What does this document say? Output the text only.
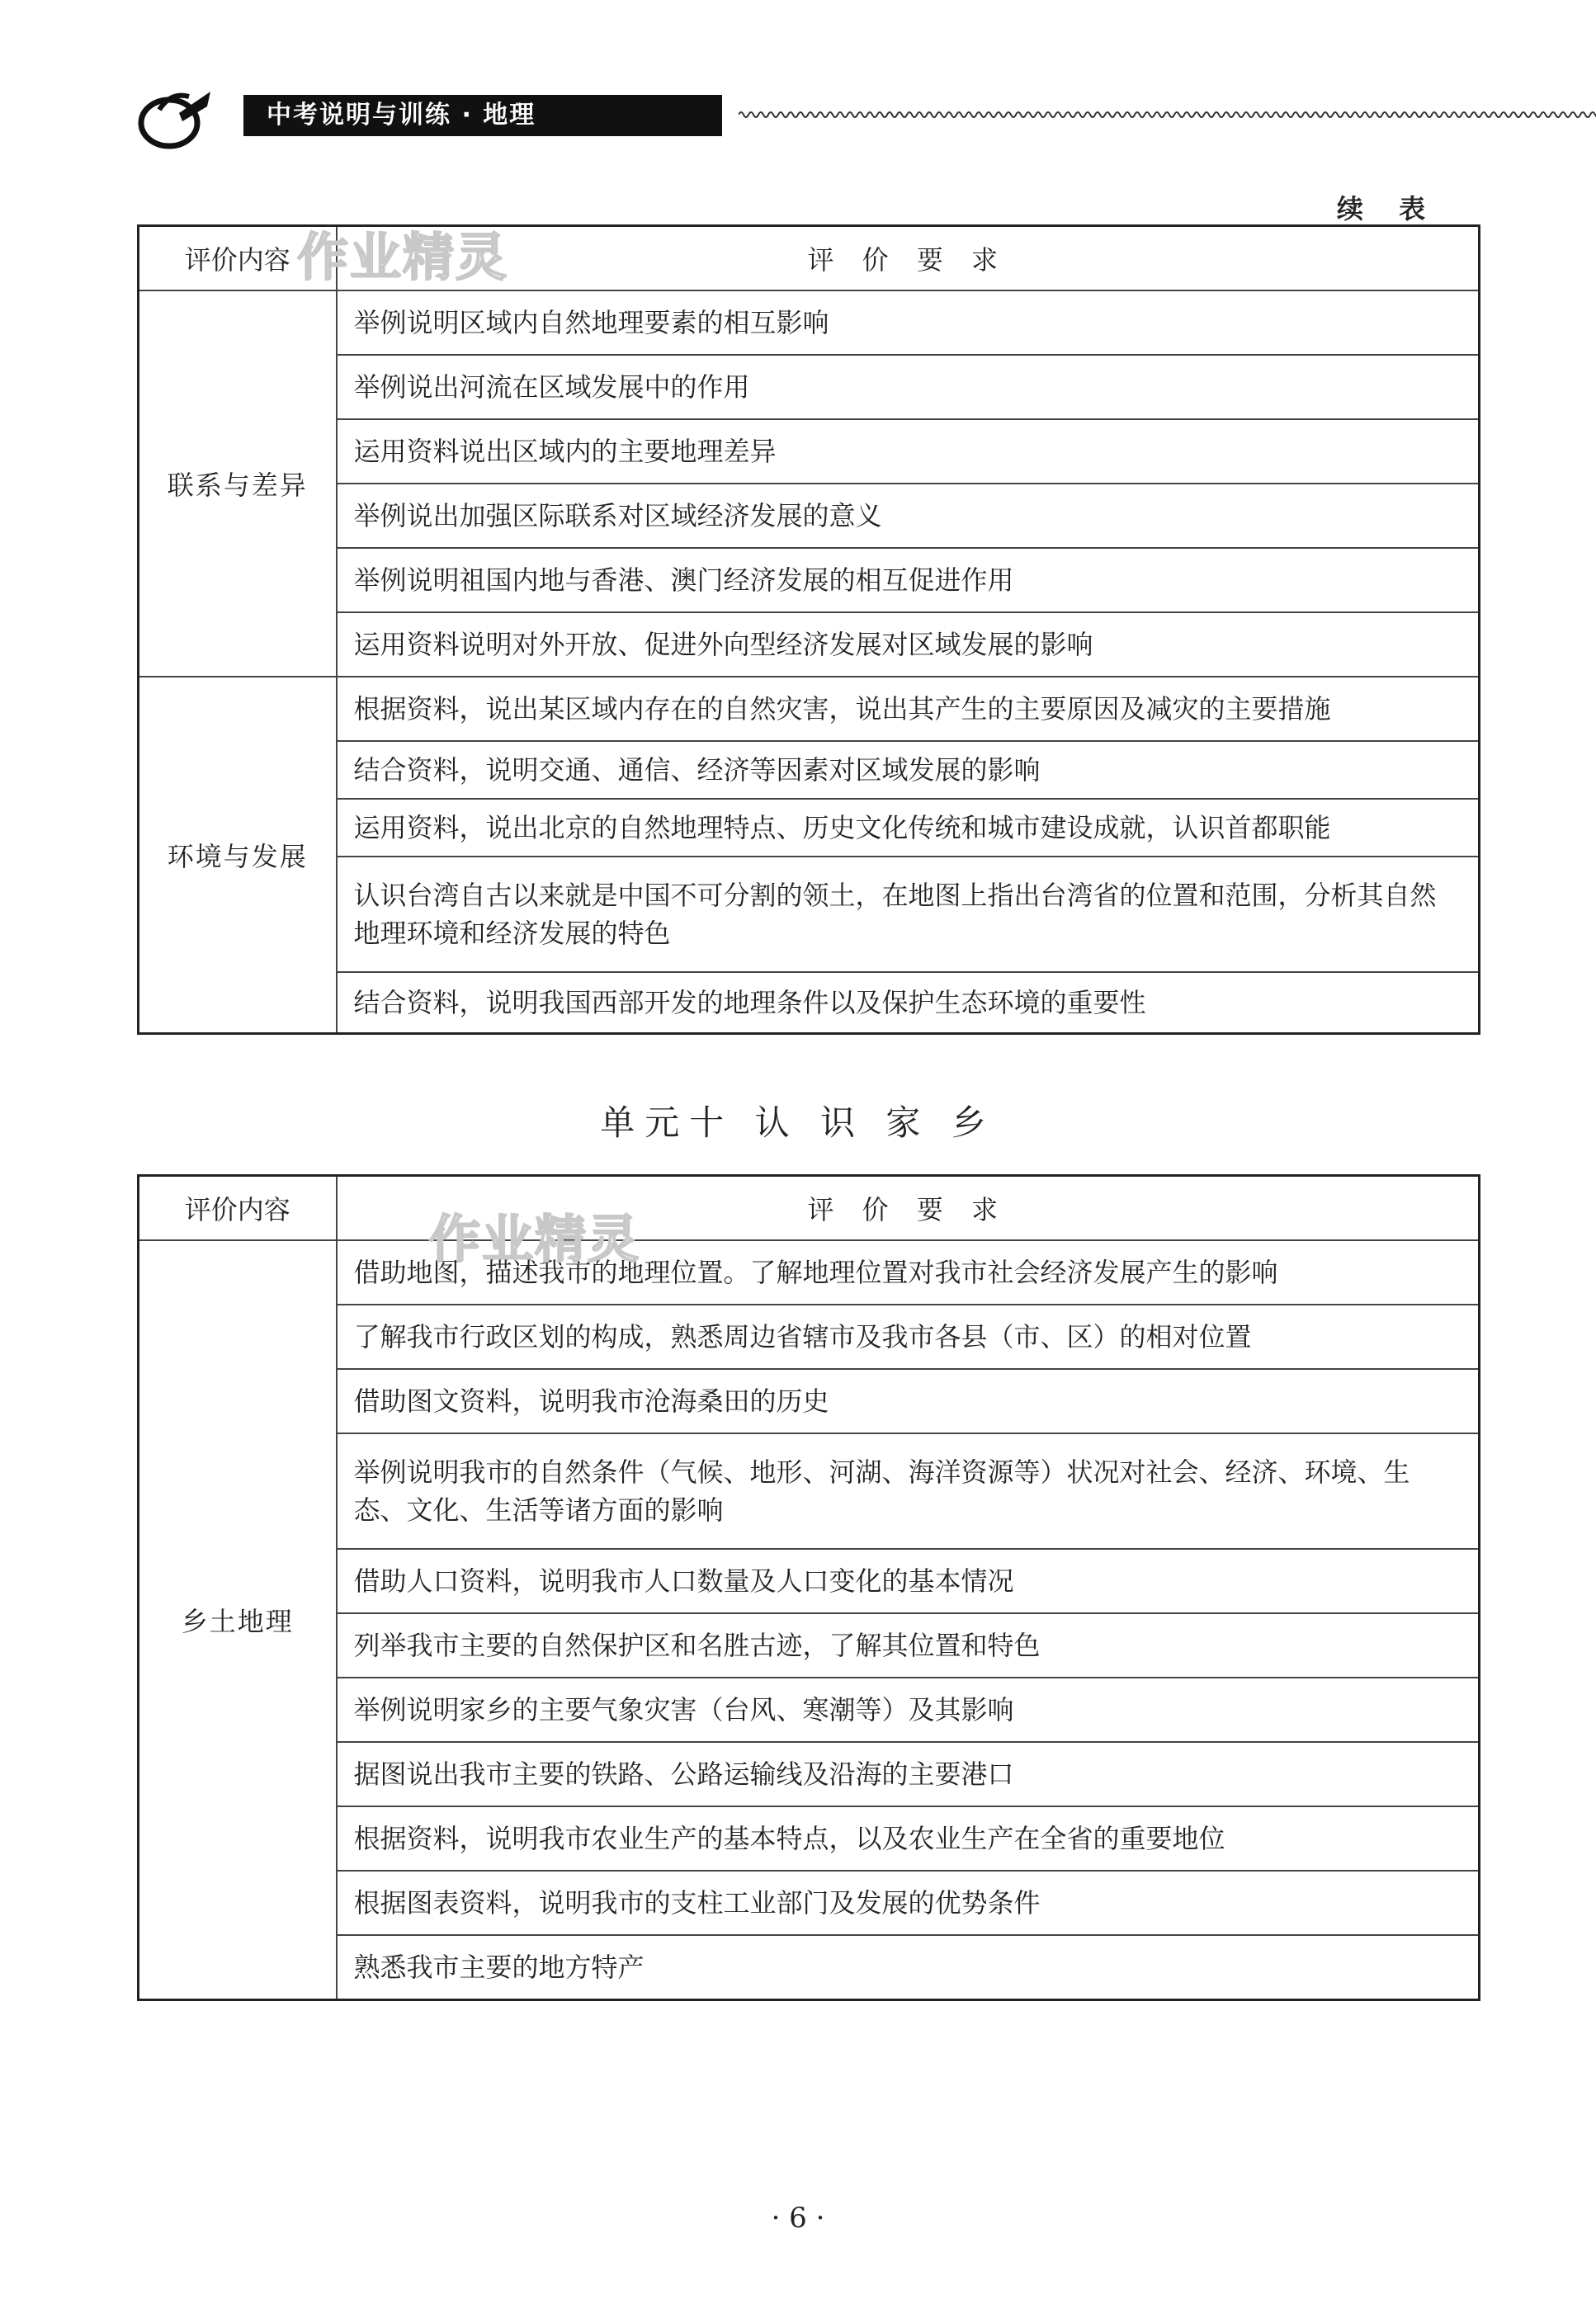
中考说明与训练 · 地理
续 表
评价内容	评 价 要 求
联系与差异	举例说明区域内自然地理要素的相互影响
	举例说出河流在区域发展中的作用
	运用资料说出区域内的主要地理差异
	举例说出加强区际联系对区域经济发展的意义
	举例说明祖国内地与香港、澳门经济发展的相互促进作用
	运用资料说明对外开放、促进外向型经济发展对区域发展的影响
环境与发展	根据资料，说出某区域内存在的自然灾害，说出其产生的主要原因及减灾的主要措施
	结合资料，说明交通、通信、经济等因素对区域发展的影响
	运用资料，说出北京的自然地理特点、历史文化传统和城市建设成就，认识首都职能
	认识台湾自古以来就是中国不可分割的领土，在地图上指出台湾省的位置和范围，分析其自然地理环境和经济发展的特色
	结合资料，说明我国西部开发的地理条件以及保护生态环境的重要性
作业精灵
单元十 认 识 家 乡
评价内容	评 价 要 求
乡土地理	借助地图，描述我市的地理位置。了解地理位置对我市社会经济发展产生的影响
	了解我市行政区划的构成，熟悉周边省辖市及我市各县（市、区）的相对位置
	借助图文资料，说明我市沧海桑田的历史
	举例说明我市的自然条件（气候、地形、河湖、海洋资源等）状况对社会、经济、环境、生态、文化、生活等诸方面的影响
	借助人口资料，说明我市人口数量及人口变化的基本情况
	列举我市主要的自然保护区和名胜古迹，了解其位置和特色
	举例说明家乡的主要气象灾害（台风、寒潮等）及其影响
	据图说出我市主要的铁路、公路运输线及沿海的主要港口
	根据资料，说明我市农业生产的基本特点，以及农业生产在全省的重要地位
	根据图表资料，说明我市的支柱工业部门及发展的优势条件
	熟悉我市主要的地方特产
作业精灵
· 6 ·
